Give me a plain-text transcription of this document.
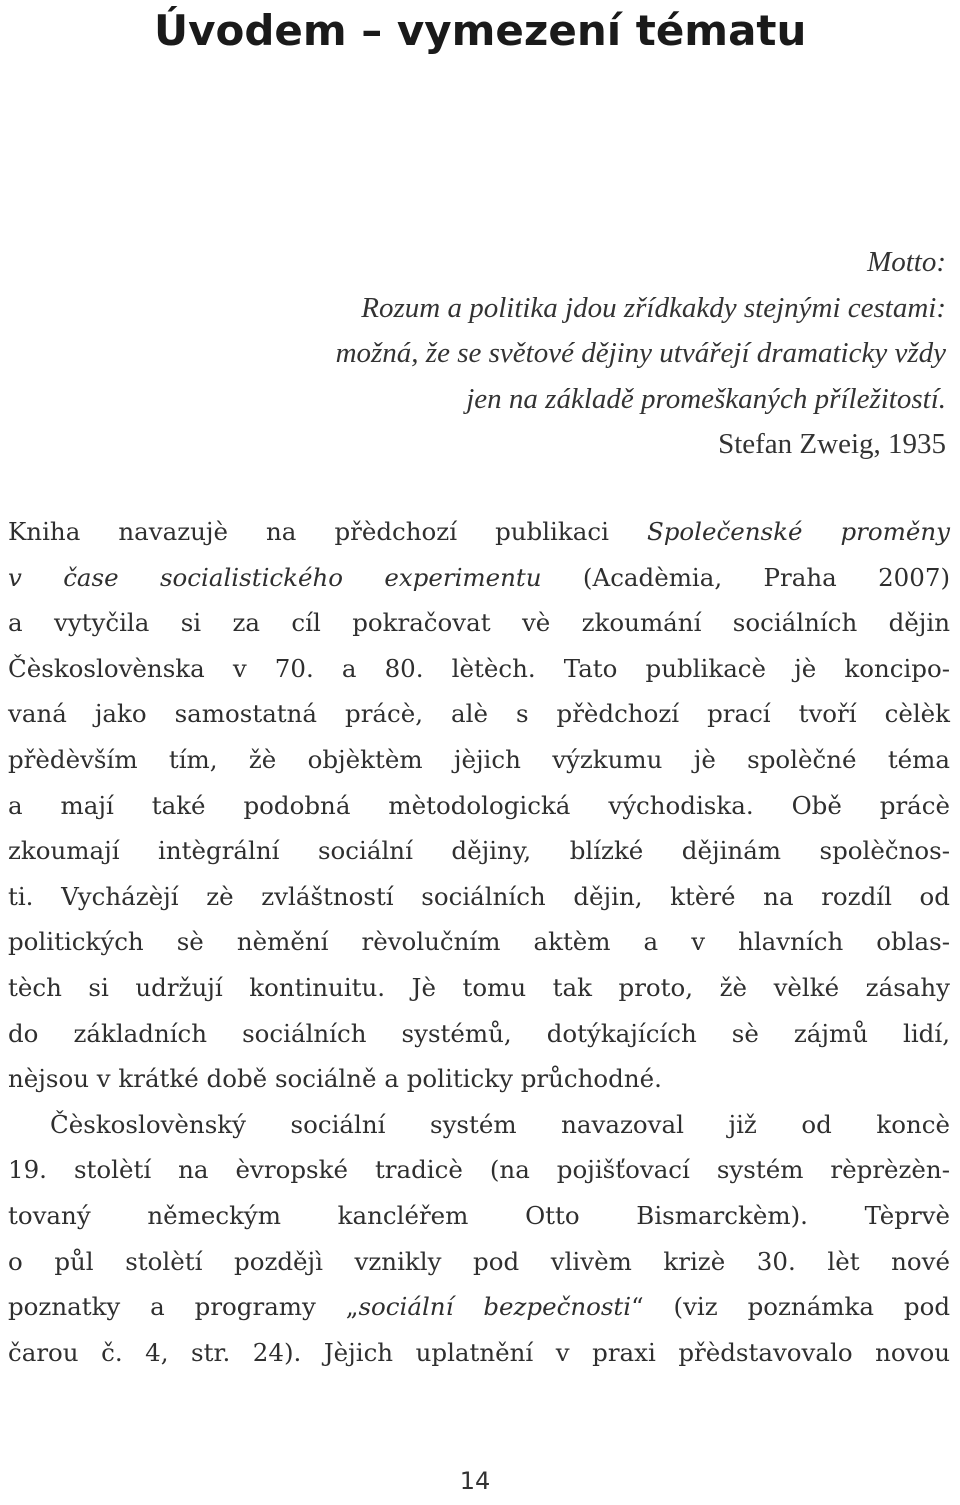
Úvodem – vymezení tématu
Motto:
Rozum a politika jdou zřídkakdy stejnými cestami:
možná, že se světové dějiny utvářejí dramaticky vždy
jen na základě promeškaných příležitostí.
Stefan Zweig, 1935
Kniha navazujè na přèdchozí publikaci Společenské proměny
v čase socialistického experimentu (Acadèmia, Praha 2007)
a vytyčila si za cíl pokračovat vè zkoumání sociálních dějin
Čèskoslovènska v 70. a 80. lètèch. Tato publikacè jè koncipo-
vaná jako samostatná prácè, alè s přèdchozí prací tvoří cèlèk
přèdèvším tím, žè objèktèm jèjich výzkumu jè spolèčné téma
a mají také podobná mètodologická východiska. Obě prácè
zkoumají intègrální sociální dějiny, blízké dějinám spolèčnos-
ti. Vycházèjí zè zvláštností sociálních dějin, ktèré na rozdíl od
politických sè nèmění rèvolučním aktèm a v hlavních oblas-
tèch si udržují kontinuitu. Jè tomu tak proto, žè vèlké zásahy
do základních sociálních systémů, dotýkajících sè zájmů lidí,
nèjsou v krátké době sociálně a politicky průchodné.
Čèskoslovènský sociální systém navazoval již od koncè
19. stolètí na èvropské tradicè (na pojišťovací systém rèprèzèn-
tovaný německým kancléřem Otto Bismarckèm). Tèprvè
o půl stolètí pozdějì vznikly pod vlivèm krizè 30. lèt nové
poznatky a programy „sociální bezpečnosti“ (viz poznámka pod
čarou č. 4, str. 24). Jèjich uplatnění v praxi přèdstavovalo novou
14
